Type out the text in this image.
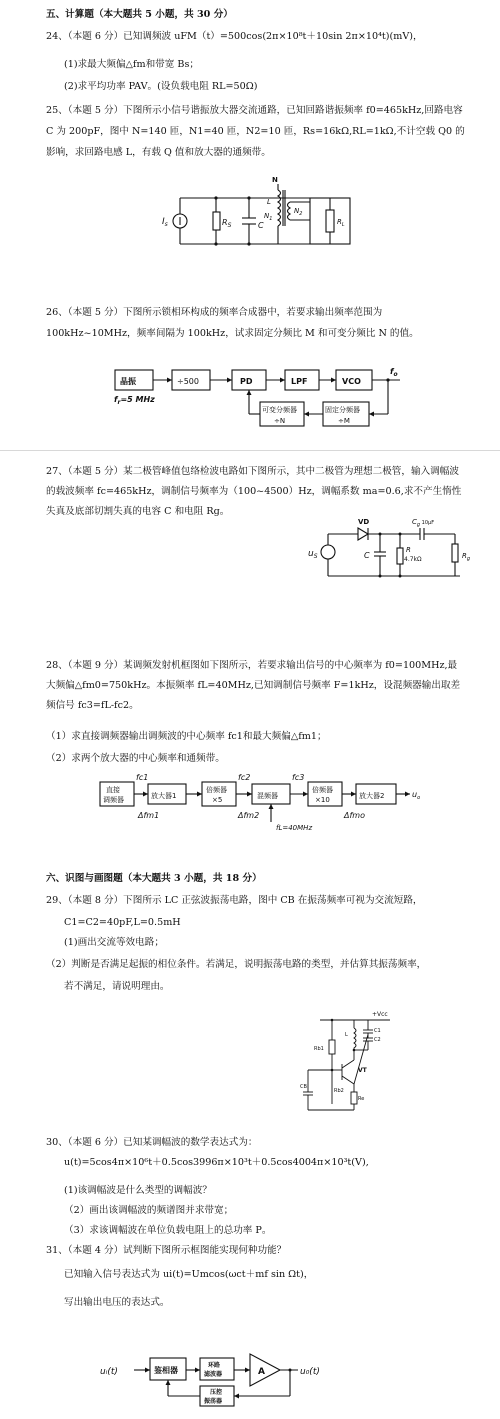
五、计算题（本大题共 5 小题，共 30 分）
24、（本题 6 分）已知调频波 uFM（t）=500cos(2π×10⁸t＋10sin 2π×10⁴t)(mV)，
(1)求最大频偏△fm和带宽 Bs；
(2)求平均功率 PAV。(设负载电阻 RL=50Ω)
25、（本题 5 分）下图所示小信号谐振放大器交流通路，已知回路谐振频率 f0=465kHz,回路电容 C 为 200pF，图中 N=140 匝，N1=40 匝，N2=10 匝，Rs=16kΩ,RL=1kΩ,不计空载 Q0 的影响，求回路电感 L，有载 Q 值和放大器的通频带。
$I_s$	$R_S$	C
N
L
$N_1$
$N_2$
$R_L$
26、（本题 5 分）下图所示锁相环构成的频率合成器中，若要求输出频率范围为 100kHz~10MHz，频率间隔为 100kHz，试求固定分频比 M 和可变分频比 N 的值。
晶振	÷500	PD	LPF	VCO
$f_o$
$f_r=5$ MHz
可变分频器
÷N
固定分频器
÷M
27、（本题 5 分）某二极管峰值包络检波电路如下图所示，其中二极管为理想二极管，输入调幅波的载波频率 fc=465kHz，调制信号频率为（100~4500）Hz，调幅系数 ma=0.6,求不产生惰性失真及底部切割失真的电容 C 和电阻 Rg。
VD	$C_g$ 10μF
$u_S$	C
R
4.7kΩ	$R_g$
28、（本题 9 分）某调频发射机框图如下图所示，若要求输出信号的中心频率为 f0=100MHz,最大频偏△fm0=750kHz。本振频率 fL=40MHz,已知调制信号频率 F=1kHz，设混频器输出取差频信号 fc3=fL-fc2。
（1）求直接调频器输出调频波的中心频率 fc1和最大频偏△fm1；
（2）求两个放大器的中心频率和通频带。
直接
调频器	放大器1
倍频器
×5	混频器
倍频器
×10	放大器2	$u_o$
fc1	fc2	fc3
Δfm1	Δfm2	Δfmo
fL=40MHz
六、识图与画图题（本大题共 3 小题，共 18 分）
29、（本题 8 分）下图所示 LC 正弦波振荡电路，图中 CB 在振荡频率可视为交流短路，
C1=C2=40pF,L=0.5mH
(1)画出交流等效电路；
（2）判断是否满足起振的相位条件。若满足，说明振荡电路的类型，并估算其振荡频率，
若不满足，请说明理由。
+Vcc
Rb1
Rb2
Re
CB
L
C1
C2
VT
30、（本题 6 分）已知某调幅波的数学表达式为：
u(t)=5cos4π×10⁶t＋0.5cos3996π×10³t＋0.5cos4004π×10³t(V),
(1)该调幅波是什么类型的调幅波？
（2）画出该调幅波的频谱图并求带宽；
（3）求该调幅波在单位负载电阻上的总功率 P。
31、（本题 4 分）试判断下图所示框图能实现何种功能？
已知输入信号表达式为 ui(t)=Umcos(ωct＋mf sin Ωt)，
写出输出电压的表达式。
uᵢ(t)	鉴相器
环路
滤波器	A	u₀(t)
压控
振荡器
